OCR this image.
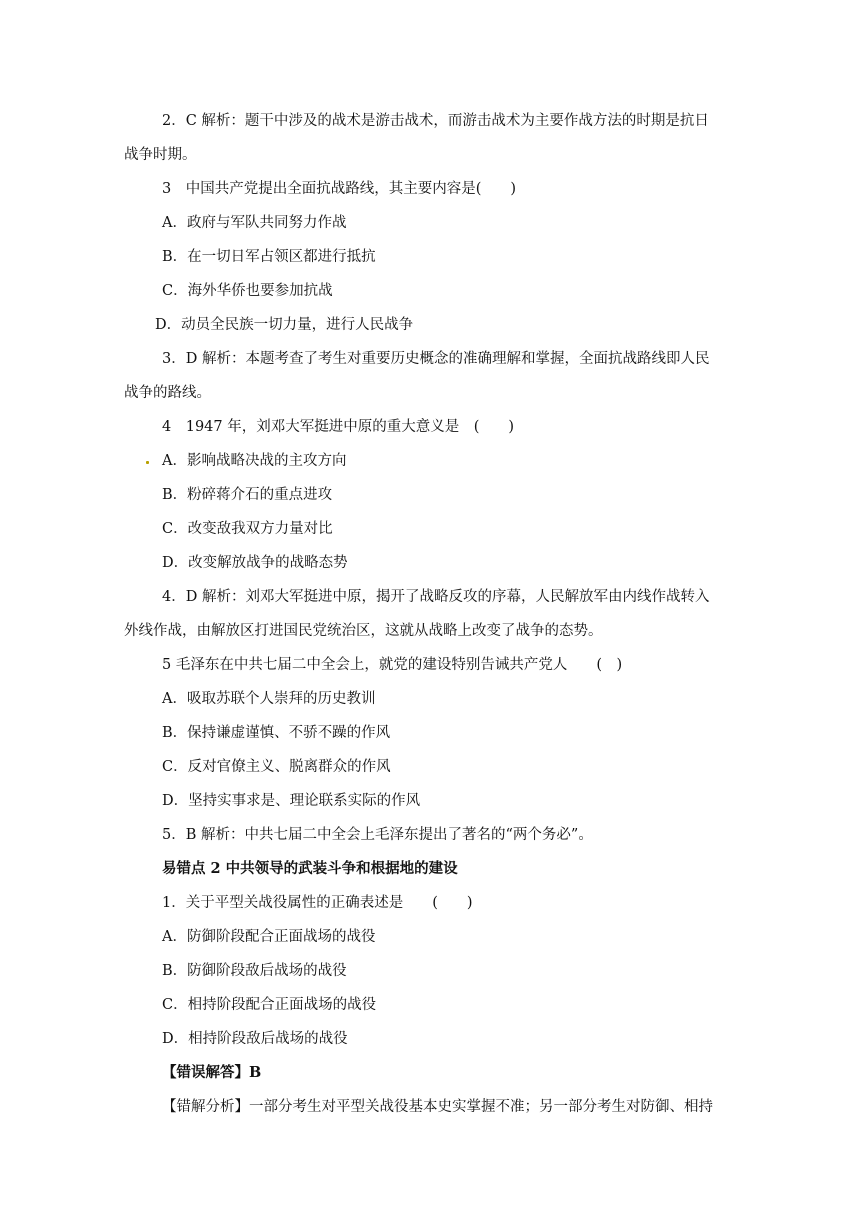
2．C 解析：题干中涉及的战术是游击战术，而游击战术为主要作战方法的时期是抗日
战争时期。
3　中国共产党提出全面抗战路线，其主要内容是(　　)
A．政府与军队共同努力作战
B．在一切日军占领区都进行抵抗
C．海外华侨也要参加抗战
D．动员全民族一切力量，进行人民战争
3．D 解析：本题考查了考生对重要历史概念的准确理解和掌握，全面抗战路线即人民
战争的路线。
4　1947 年，刘邓大军挺进中原的重大意义是　(　　)
A．影响战略决战的主攻方向
B．粉碎蒋介石的重点进攻
C．改变敌我双方力量对比
D．改变解放战争的战略态势
4．D 解析：刘邓大军挺进中原，揭开了战略反攻的序幕，人民解放军由内线作战转入
外线作战，由解放区打进国民党统治区，这就从战略上改变了战争的态势。
5 毛泽东在中共七届二中全会上，就党的建设特别告诫共产党人　　(　)
A．吸取苏联个人崇拜的历史教训
B．保持谦虚谨慎、不骄不躁的作风
C．反对官僚主义、脱离群众的作风
D．坚持实事求是、理论联系实际的作风
5．B 解析：中共七届二中全会上毛泽东提出了著名的“两个务必”。
易错点 2 中共领导的武装斗争和根据地的建设
1．关于平型关战役属性的正确表述是　　(　　)
A．防御阶段配合正面战场的战役
B．防御阶段敌后战场的战役
C．相持阶段配合正面战场的战役
D．相持阶段敌后战场的战役
【错误解答】B
【错解分析】一部分考生对平型关战役基本史实掌握不准；另一部分考生对防御、相持
